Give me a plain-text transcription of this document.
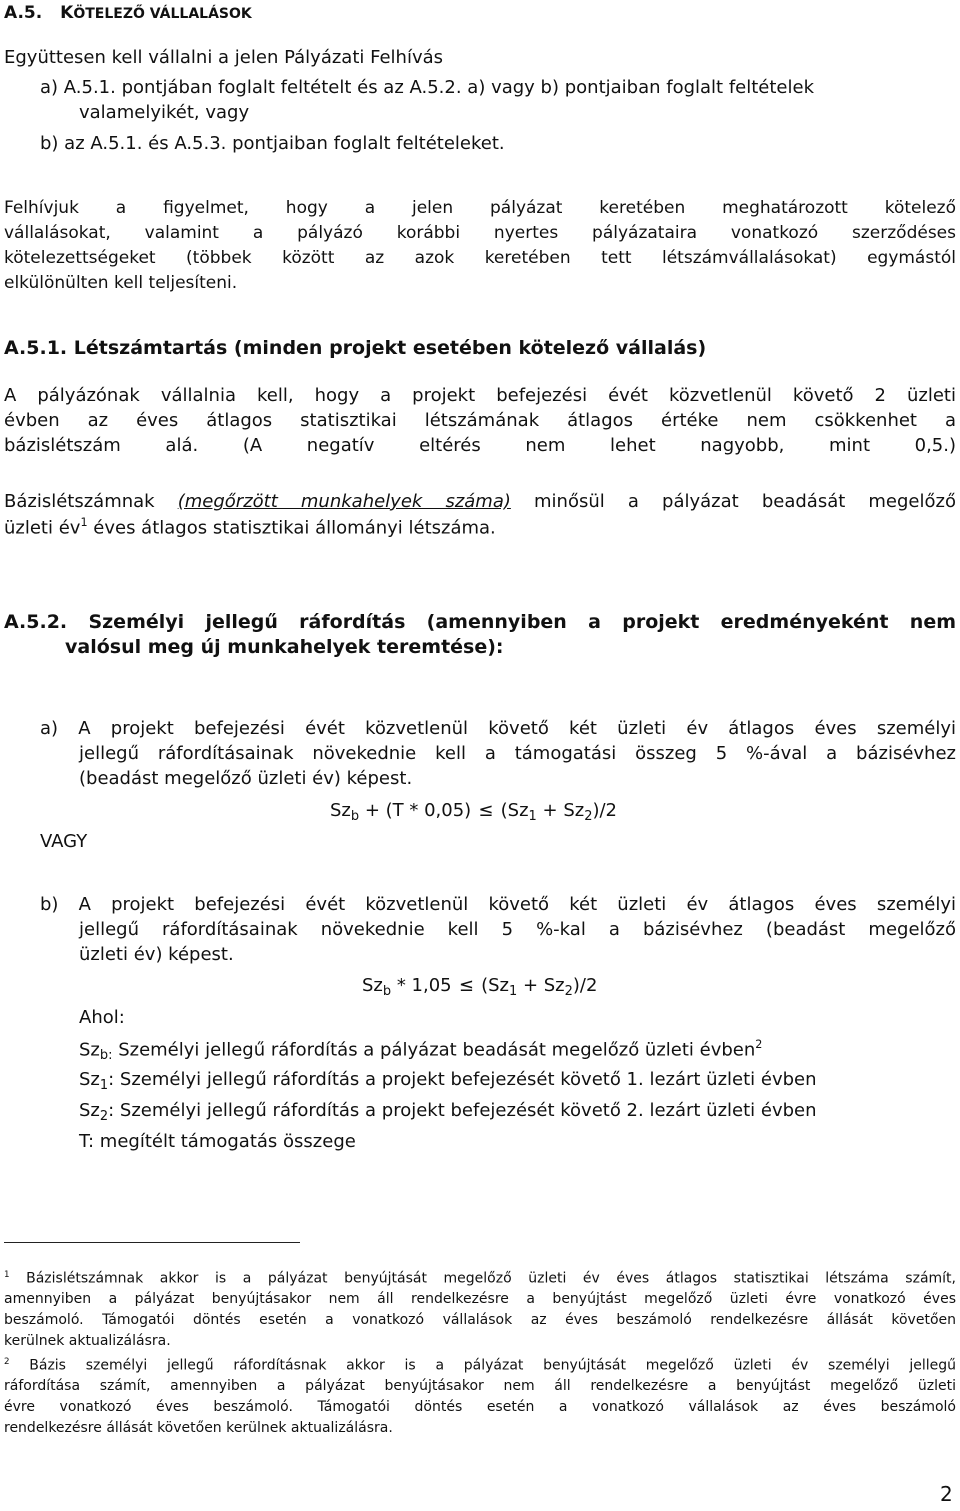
A.5. KÖTELEZŐ VÁLLALÁSOK
Együttesen kell vállalni a jelen Pályázati Felhívás
a) A.5.1. pontjában foglalt feltételt és az A.5.2. a) vagy b) pontjaiban foglalt feltételek
valamelyikét, vagy
b) az A.5.1. és A.5.3. pontjaiban foglalt feltételeket.
Felhívjuk a figyelmet, hogy a jelen pályázat keretében meghatározott kötelező
vállalásokat, valamint a pályázó korábbi nyertes pályázataira vonatkozó szerződéses
kötelezettségeket (többek között az azok keretében tett létszámvállalásokat) egymástól
elkülönülten kell teljesíteni.
A.5.1. Létszámtartás (minden projekt esetében kötelező vállalás)
A pályázónak vállalnia kell, hogy a projekt befejezési évét közvetlenül követő 2 üzleti
évben az éves átlagos statisztikai létszámának átlagos értéke nem csökkenhet a
bázislétszám alá. (A negatív eltérés nem lehet nagyobb, mint 0,5.)
Bázislétszámnak (megőrzött munkahelyek száma) minősül a pályázat beadását megelőző
üzleti $év^1$ éves átlagos statisztikai állományi létszáma.
A.5.2. Személyi jellegű ráfordítás (amennyiben a projekt eredményeként nem
valósul meg új munkahelyek teremtése):
a) A projekt befejezési évét közvetlenül követő két üzleti év átlagos éves személyi
jellegű ráfordításainak növekednie kell a támogatási összeg 5 %-ával a bázisévhez
(beadást megelőző üzleti év) képest.
$Sz_b + (T * 0,05) \le (Sz_1 + Sz_2)/2$
VAGY
b) A projekt befejezési évét közvetlenül követő két üzleti év átlagos éves személyi
jellegű ráfordításainak növekednie kell 5 %-kal a bázisévhez (beadást megelőző
üzleti év) képest.
$Sz_b * 1,05 \le (Sz_1 + Sz_2)/2$
Ahol:
$Sz_{b:}$ Személyi jellegű ráfordítás a pályázat beadását megelőző üzleti évben$^2$
$Sz_1$: Személyi jellegű ráfordítás a projekt befejezését követő 1. lezárt üzleti évben
$Sz_2$: Személyi jellegű ráfordítás a projekt befejezését követő 2. lezárt üzleti évben
T: megítélt támogatás összege
$^1$ Bázislétszámnak akkor is a pályázat benyújtását megelőző üzleti év éves átlagos statisztikai létszáma számít,
amennyiben a pályázat benyújtásakor nem áll rendelkezésre a benyújtást megelőző üzleti évre vonatkozó éves
beszámoló. Támogatói döntés esetén a vonatkozó vállalások az éves beszámoló rendelkezésre állását követően
kerülnek aktualizálásra.
$^2$ Bázis személyi jellegű ráfordításnak akkor is a pályázat benyújtását megelőző üzleti év személyi jellegű
ráfordítása számít, amennyiben a pályázat benyújtásakor nem áll rendelkezésre a benyújtást megelőző üzleti
évre vonatkozó éves beszámoló. Támogatói döntés esetén a vonatkozó vállalások az éves beszámoló
rendelkezésre állását követően kerülnek aktualizálásra.
2
